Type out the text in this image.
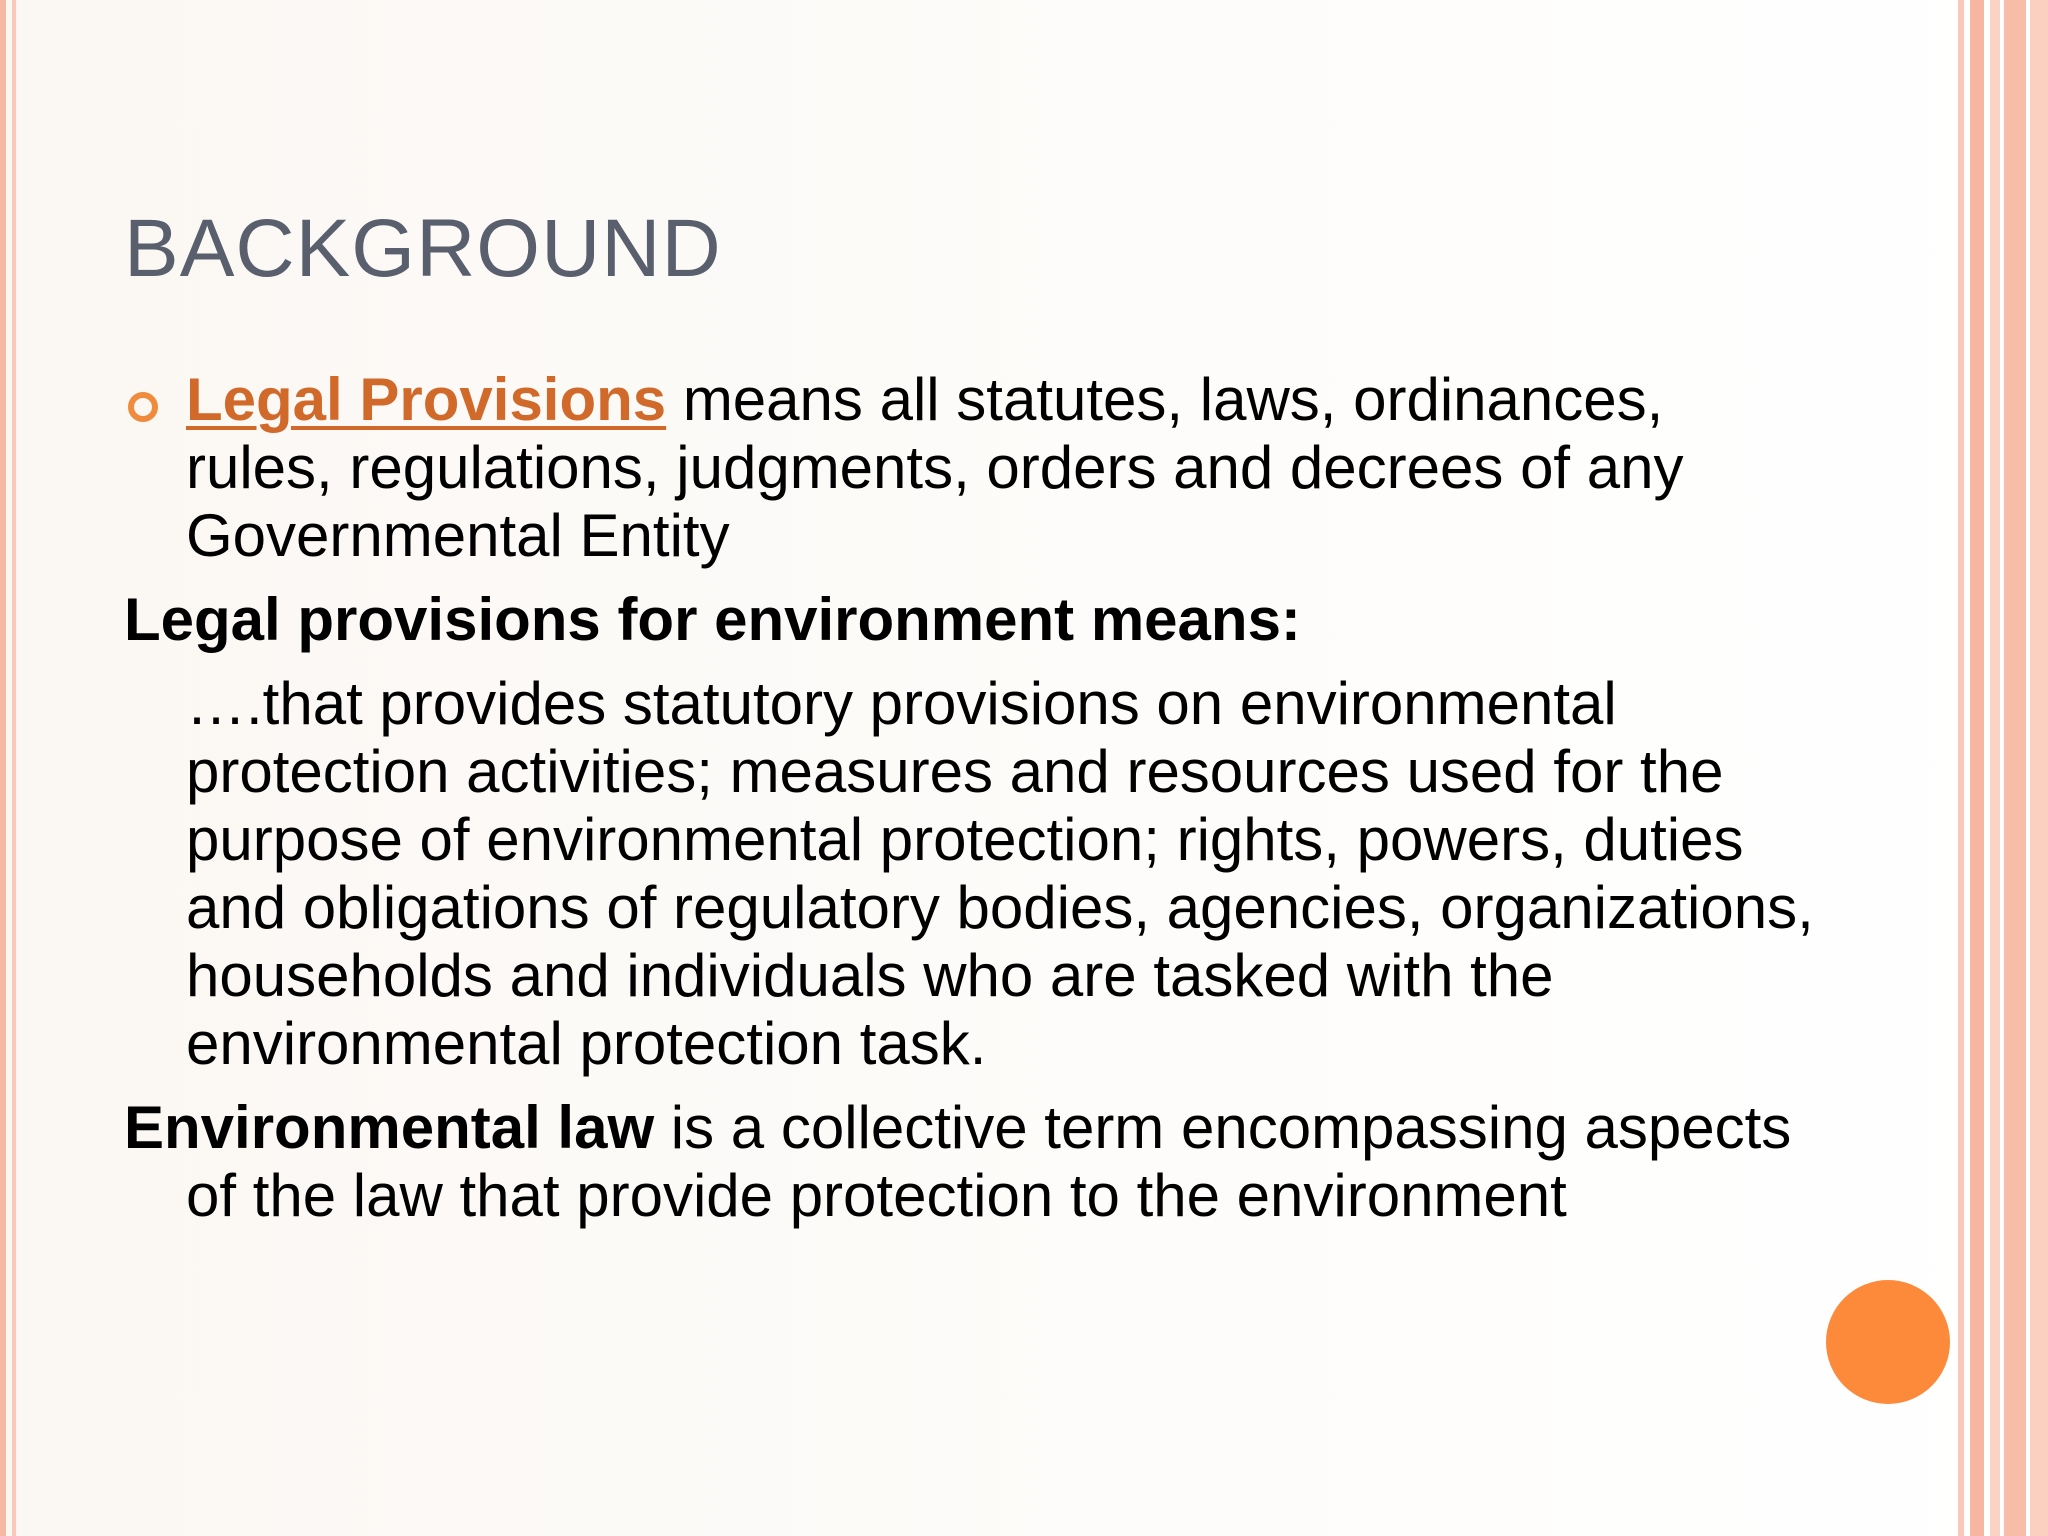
BACKGROUND
Legal Provisions means all statutes, laws, ordinances, rules, regulations, judgments, orders and decrees of any Governmental Entity
Legal provisions for environment means:
….that provides statutory provisions on environmental protection activities; measures and resources used for the purpose of environmental protection; rights, powers, duties and obligations of regulatory bodies, agencies, organizations, households and individuals who are tasked with the environmental protection task.
Environmental law is a collective term encompassing aspects of the law that provide protection to the environment
